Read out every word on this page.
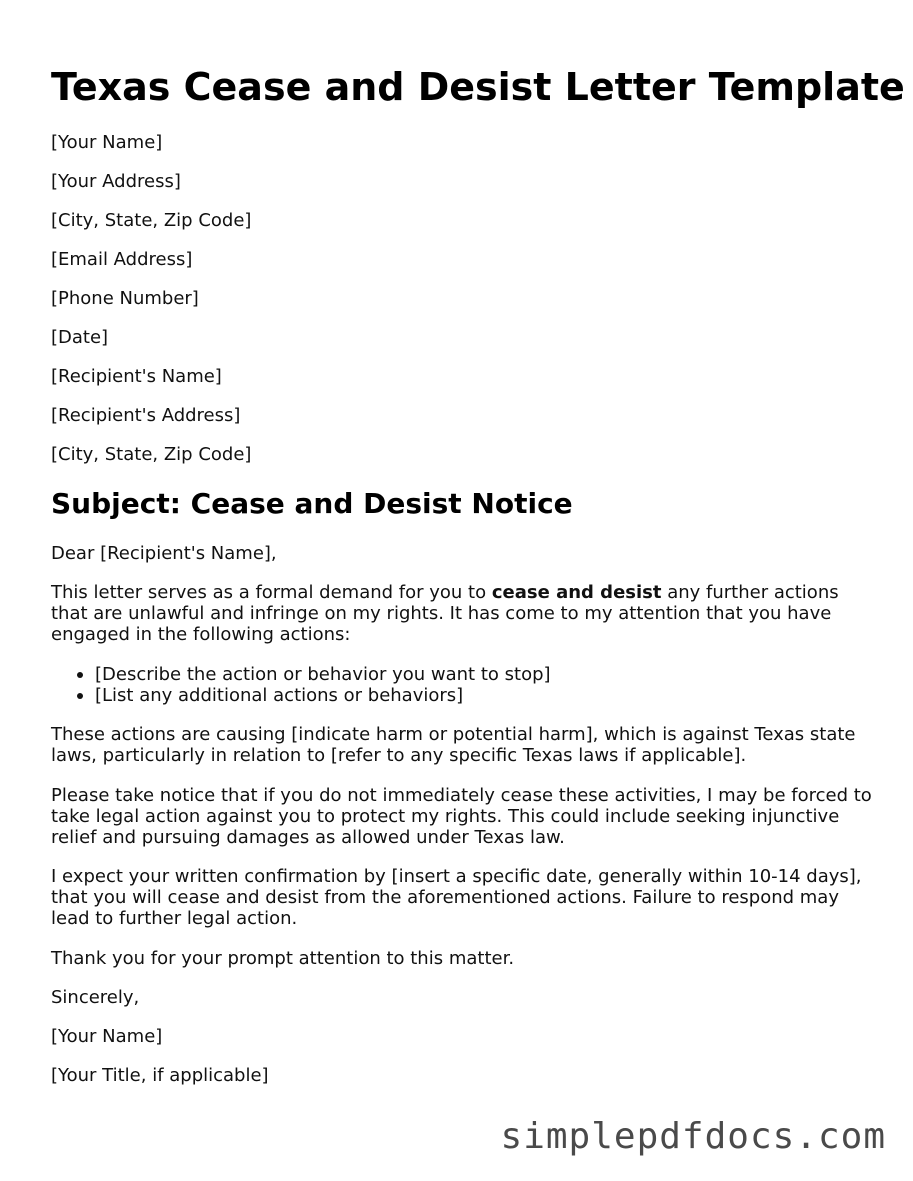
Texas Cease and Desist Letter Template

[Your Name]

[Your Address]

[City, State, Zip Code]

[Email Address]

[Phone Number]

[Date]

[Recipient's Name]

[Recipient's Address]

[City, State, Zip Code]

Subject: Cease and Desist Notice

Dear [Recipient's Name],

This letter serves as a formal demand for you to cease and desist any further actions that are unlawful and infringe on my rights. It has come to my attention that you have engaged in the following actions:

[Describe the action or behavior you want to stop]
[List any additional actions or behaviors]

These actions are causing [indicate harm or potential harm], which is against Texas state laws, particularly in relation to [refer to any specific Texas laws if applicable].

Please take notice that if you do not immediately cease these activities, I may be forced to take legal action against you to protect my rights. This could include seeking injunctive relief and pursuing damages as allowed under Texas law.

I expect your written confirmation by [insert a specific date, generally within 10-14 days], that you will cease and desist from the aforementioned actions. Failure to respond may lead to further legal action.

Thank you for your prompt attention to this matter.

Sincerely,

[Your Name]

[Your Title, if applicable]

simplepdfdocs.com
